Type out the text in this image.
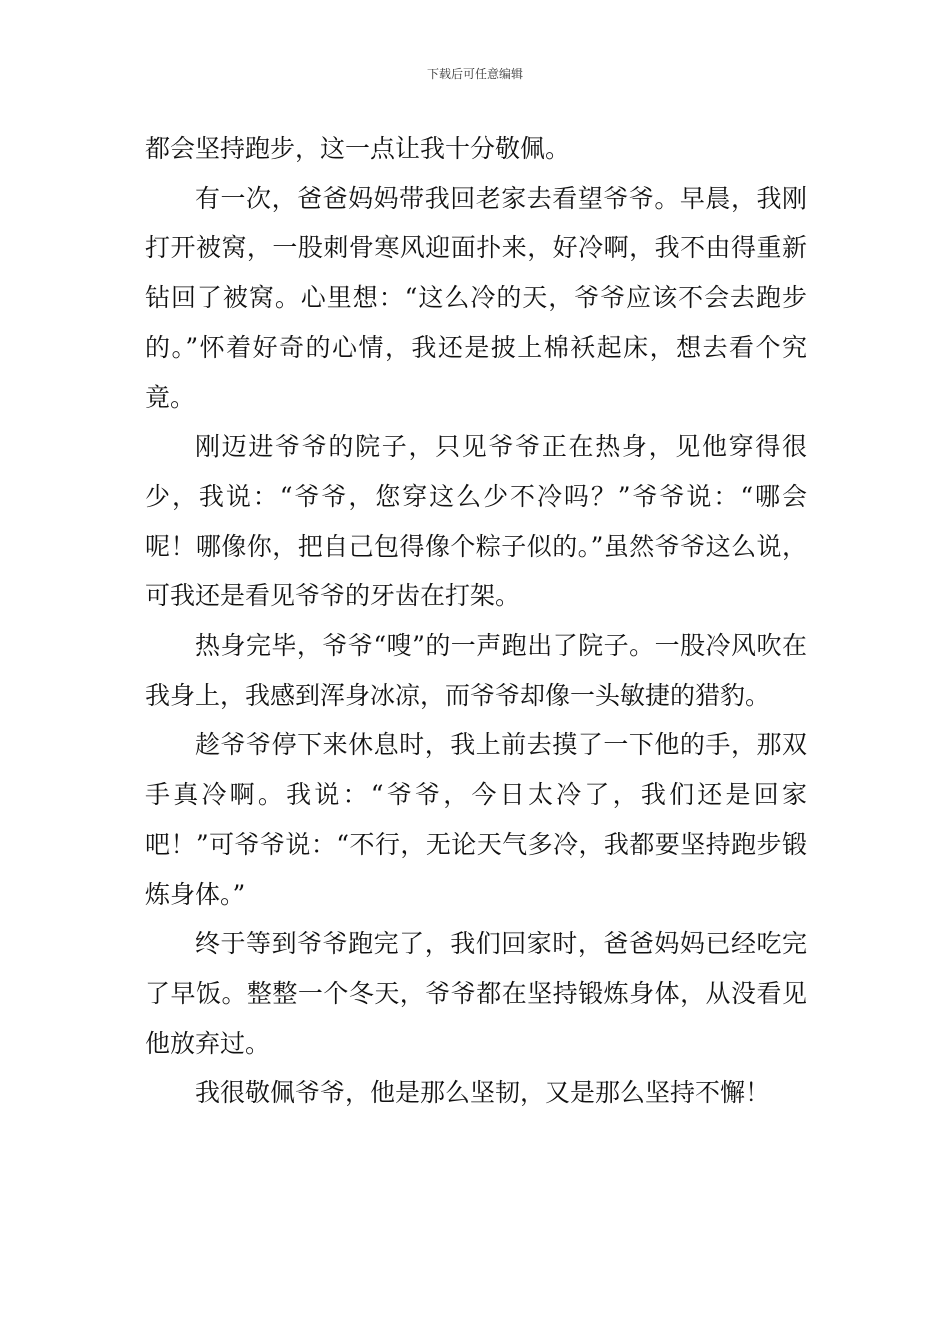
下载后可任意编辑

都会坚持跑步，这一点让我十分敬佩。

有一次，爸爸妈妈带我回老家去看望爷爷。早晨，我刚打开被窝，一股刺骨寒风迎面扑来，好冷啊，我不由得重新钻回了被窝。心里想：“这么冷的天，爷爷应该不会去跑步的。”怀着好奇的心情，我还是披上棉袄起床，想去看个究竟。

刚迈进爷爷的院子，只见爷爷正在热身，见他穿得很少，我说：“爷爷，您穿这么少不冷吗？”爷爷说：“哪会呢！哪像你，把自己包得像个粽子似的。”虽然爷爷这么说，可我还是看见爷爷的牙齿在打架。

热身完毕，爷爷“嗖”的一声跑出了院子。一股冷风吹在我身上，我感到浑身冰凉，而爷爷却像一头敏捷的猎豹。

趁爷爷停下来休息时，我上前去摸了一下他的手，那双手真冷啊。我说：“爷爷，今日太冷了，我们还是回家吧！”可爷爷说：“不行，无论天气多冷，我都要坚持跑步锻炼身体。”

终于等到爷爷跑完了，我们回家时，爸爸妈妈已经吃完了早饭。整整一个冬天，爷爷都在坚持锻炼身体，从没看见他放弃过。

我很敬佩爷爷，他是那么坚韧，又是那么坚持不懈！
